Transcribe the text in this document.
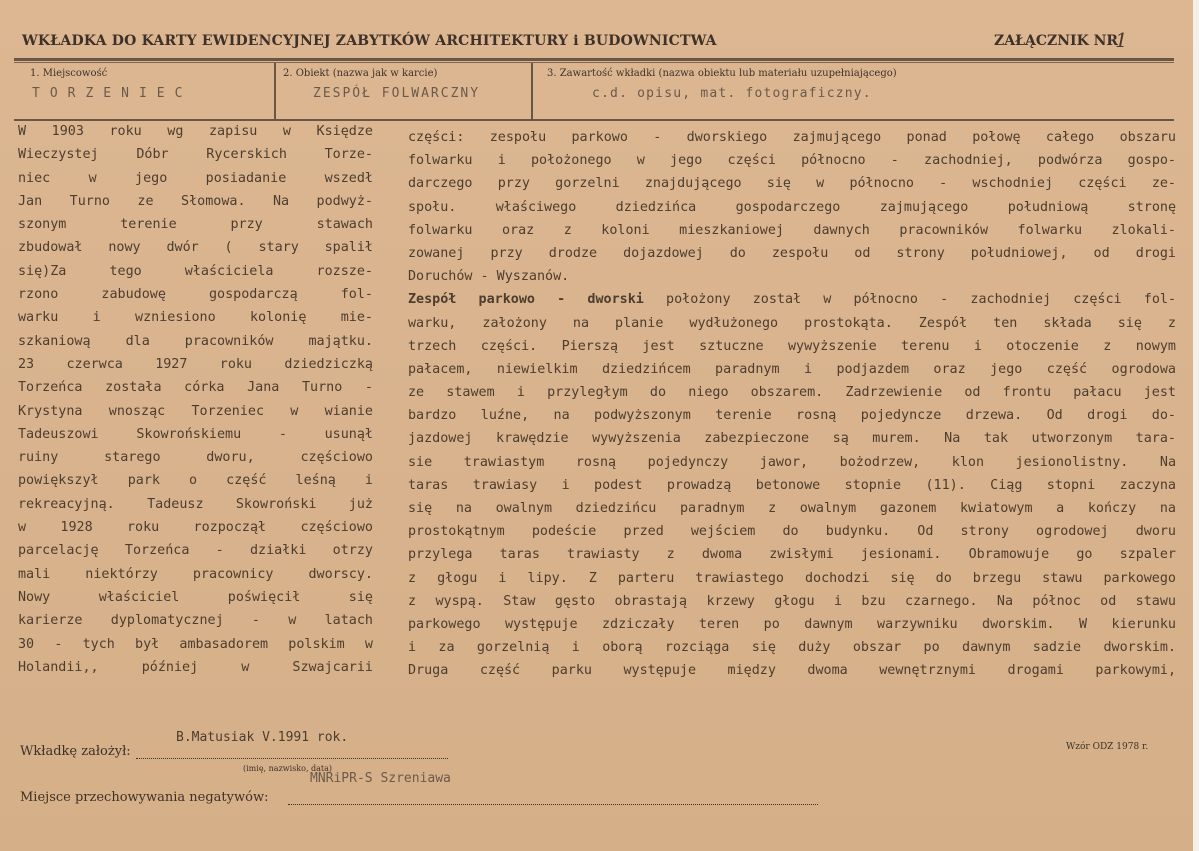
WKŁADKA DO KARTY EWIDENCYJNEJ ZABYTKÓW ARCHITEKTURY i BUDOWNICTWA	ZAŁĄCZNIK NR
1
1. Miejscowość
TORZENIEC
2. Obiekt (nazwa jak w karcie)
ZESPÓŁ FOLWARCZNY
3. Zawartość wkładki (nazwa obiektu lub materiału uzupełniającego)
c.d. opisu, mat. fotograficzny.
W 1903 roku wg zapisu w Księdze
Wieczystej Dóbr Rycerskich Torze-
niec w jego posiadanie wszedł
Jan Turno ze Słomowa. Na podwyż-
szonym terenie przy stawach
zbudował nowy dwór ( stary spalił
się)Za tego właściciela rozsze-
rzono zabudowę gospodarczą fol-
warku i wzniesiono kolonię mie-
szkaniową dla pracowników majątku.
23 czerwca 1927 roku dziedziczką
Torzeńca została córka Jana Turno -
Krystyna wnosząc Torzeniec w wianie
Tadeuszowi Skowrońskiemu - usunął
ruiny starego dworu, częściowo
powiększył park o część leśną i
rekreacyjną. Tadeusz Skowroński już
w 1928 roku rozpoczął częściowo
parcelację Torzeńca - działki otrzy
mali niektórzy pracownicy dworscy.
Nowy właściciel poświęcił się
karierze dyplomatycznej - w latach
30 - tych był ambasadorem polskim w
Holandii,, później w Szwajcarii
części: zespołu parkowo - dworskiego zajmującego ponad połowę całego obszaru
folwarku i położonego w jego części północno - zachodniej, podwórza gospo-
darczego przy gorzelni znajdującego się w północno - wschodniej części ze-
społu. właściwego dziedzińca gospodarczego zajmującego południową stronę
folwarku oraz z koloni mieszkaniowej dawnych pracowników folwarku zlokali-
zowanej przy drodze dojazdowej do zespołu od strony południowej, od drogi
Doruchów - Wyszanów.
Zespół parkowo - dworski położony został w północno - zachodniej części fol-
warku, założony na planie wydłużonego prostokąta. Zespół ten składa się z
trzech części. Pierszą jest sztuczne wywyższenie terenu i otoczenie z nowym
pałacem, niewielkim dziedzińcem paradnym i podjazdem oraz jego część ogrodowa
ze stawem i przyległym do niego obszarem. Zadrzewienie od frontu pałacu jest
bardzo luźne, na podwyższonym terenie rosną pojedyncze drzewa. Od drogi do-
jazdowej krawędzie wywyższenia zabezpieczone są murem. Na tak utworzonym tara-
sie trawiastym rosną pojedynczy jawor, bożodrzew, klon jesionolistny. Na
taras trawiasy i podest prowadzą betonowe stopnie (11). Ciąg stopni zaczyna
się na owalnym dziedzińcu paradnym z owalnym gazonem kwiatowym a kończy na
prostokątnym podeście przed wejściem do budynku. Od strony ogrodowej dworu
przylega taras trawiasty z dwoma zwisłymi jesionami. Obramowuje go szpaler
z głogu i lipy. Z parteru trawiastego dochodzi się do brzegu stawu parkowego
z wyspą. Staw gęsto obrastają krzewy głogu i bzu czarnego. Na północ od stawu
parkowego występuje zdziczały teren po dawnym warzywniku dworskim. W kierunku
i za gorzelnią i oborą rozciąga się duży obszar po dawnym sadzie dworskim.
Druga część parku występuje między dwoma wewnętrznymi drogami parkowymi,
B.Matusiak V.1991 rok.
Wzór ODZ 1978 r.
Wkładkę założył:
(imię, nazwisko, data)
MNRiPR-S Szreniawa
Miejsce przechowywania negatywów:
